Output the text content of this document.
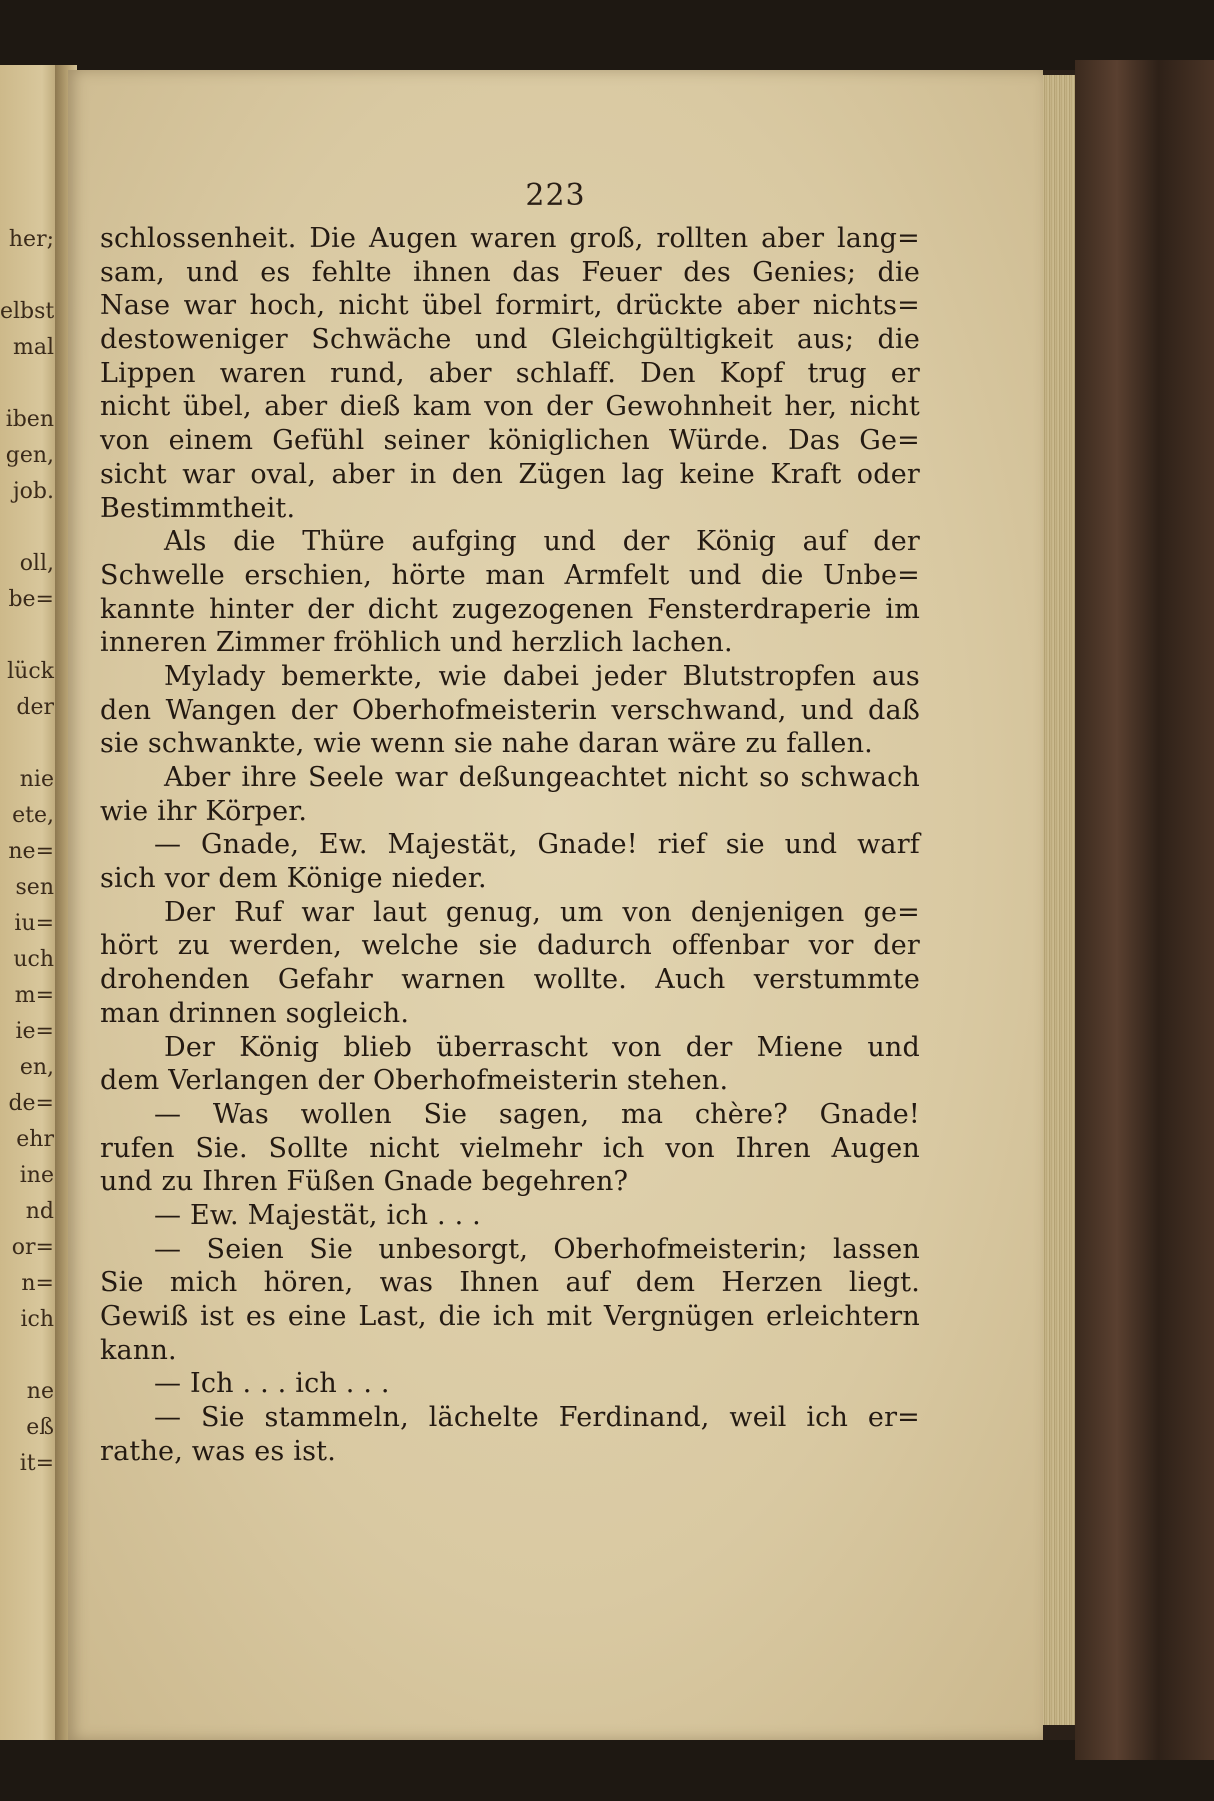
her;
elbst
mal
iben
gen,
job.
oll,
be=
lück
der
nie
ete,
ne=
sen
iu=
uch
m=
ie=
en,
de=
ehr
ine
nd
or=
n=
ich
ne
eß
it=
223
schlossenheit. Die Augen waren groß, rollten aber lang=
sam, und es fehlte ihnen das Feuer des Genies; die
Nase war hoch, nicht übel formirt, drückte aber nichts=
destoweniger Schwäche und Gleichgültigkeit aus; die
Lippen waren rund, aber schlaff. Den Kopf trug er
nicht übel, aber dieß kam von der Gewohnheit her, nicht
von einem Gefühl seiner königlichen Würde. Das Ge=
sicht war oval, aber in den Zügen lag keine Kraft oder
Bestimmtheit.
Als die Thüre aufging und der König auf der
Schwelle erschien, hörte man Armfelt und die Unbe=
kannte hinter der dicht zugezogenen Fensterdraperie im
inneren Zimmer fröhlich und herzlich lachen.
Mylady bemerkte, wie dabei jeder Blutstropfen aus
den Wangen der Oberhofmeisterin verschwand, und daß
sie schwankte, wie wenn sie nahe daran wäre zu fallen.
Aber ihre Seele war deßungeachtet nicht so schwach
wie ihr Körper.
— Gnade, Ew. Majestät, Gnade! rief sie und warf
sich vor dem Könige nieder.
Der Ruf war laut genug, um von denjenigen ge=
hört zu werden, welche sie dadurch offenbar vor der
drohenden Gefahr warnen wollte. Auch verstummte
man drinnen sogleich.
Der König blieb überrascht von der Miene und
dem Verlangen der Oberhofmeisterin stehen.
— Was wollen Sie sagen, ma chère? Gnade!
rufen Sie. Sollte nicht vielmehr ich von Ihren Augen
und zu Ihren Füßen Gnade begehren?
— Ew. Majestät, ich . . .
— Seien Sie unbesorgt, Oberhofmeisterin; lassen
Sie mich hören, was Ihnen auf dem Herzen liegt.
Gewiß ist es eine Last, die ich mit Vergnügen erleichtern
kann.
— Ich . . . ich . . .
— Sie stammeln, lächelte Ferdinand, weil ich er=
rathe, was es ist.
